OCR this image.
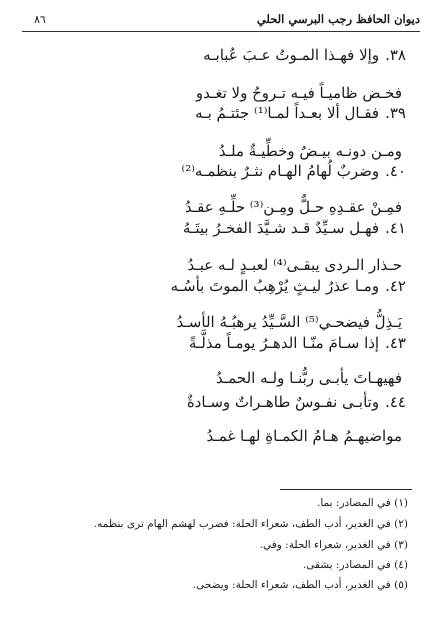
٨٦	ديوان الحافظ رجب البرسي الحلي
٣٨.وإلا فهـذا المـوتُ عـبَ عُبابـه
فخـض ظاميـاً فيـه تـروحُ ولا تغـدو
٣٩.فقـال ألا بعـداً لمـا⁽¹⁾ جئتـمُ بـه
ومـن دونـه بيـضٌ وخطِّيـةٌ ملـدُ
٤٠.وضربٌ لُهامُ الهـام نثـرٌ بنظمـه⁽²⁾
فمِـنْ عقـدِهِ حـلٌّ ومِـن⁽³⁾ حلِّـهِ عقـدُ
٤١.فهـل سـيِّدٌ قـد شـيَّدَ الفخـرُ بيتَـهُ
حـذار الـردى يبقـى⁽⁴⁾ لعبـدٍ لـه عبـدُ
٤٢.ومـا عذرُ ليـثٍ يُرْهِبُ الموتَ بأسُـه
يَـذِلُّ فيضحـي⁽⁵⁾ السَّـيِّدُ يرهبُـهُ الأسـدُ
٤٣.إذا سـامَ منّـا الدهـرُ يومـاً مذلَّـةً
فهيهـاتَ يأبـى ربُّنـا ولـه الحمـدُ
٤٤.وتأبـى نفـوسٌ طاهـراتٌ وسـادةٌ
مواضيهـمُ هـامُ الكمـاةِ لهـا غمـدُ
(١) في المصادر: بما.
(٢) في الغدير، أدب الطف، شعراء الحلة: فضرب لهشم الهام ترى بنظمه.
(٣) في الغدير، شعراء الحلة: وفي.
(٤) في المصادر: يشقى.
(٥) في الغدير، أدب الطف، شعراء الحلة: ويضحى.
